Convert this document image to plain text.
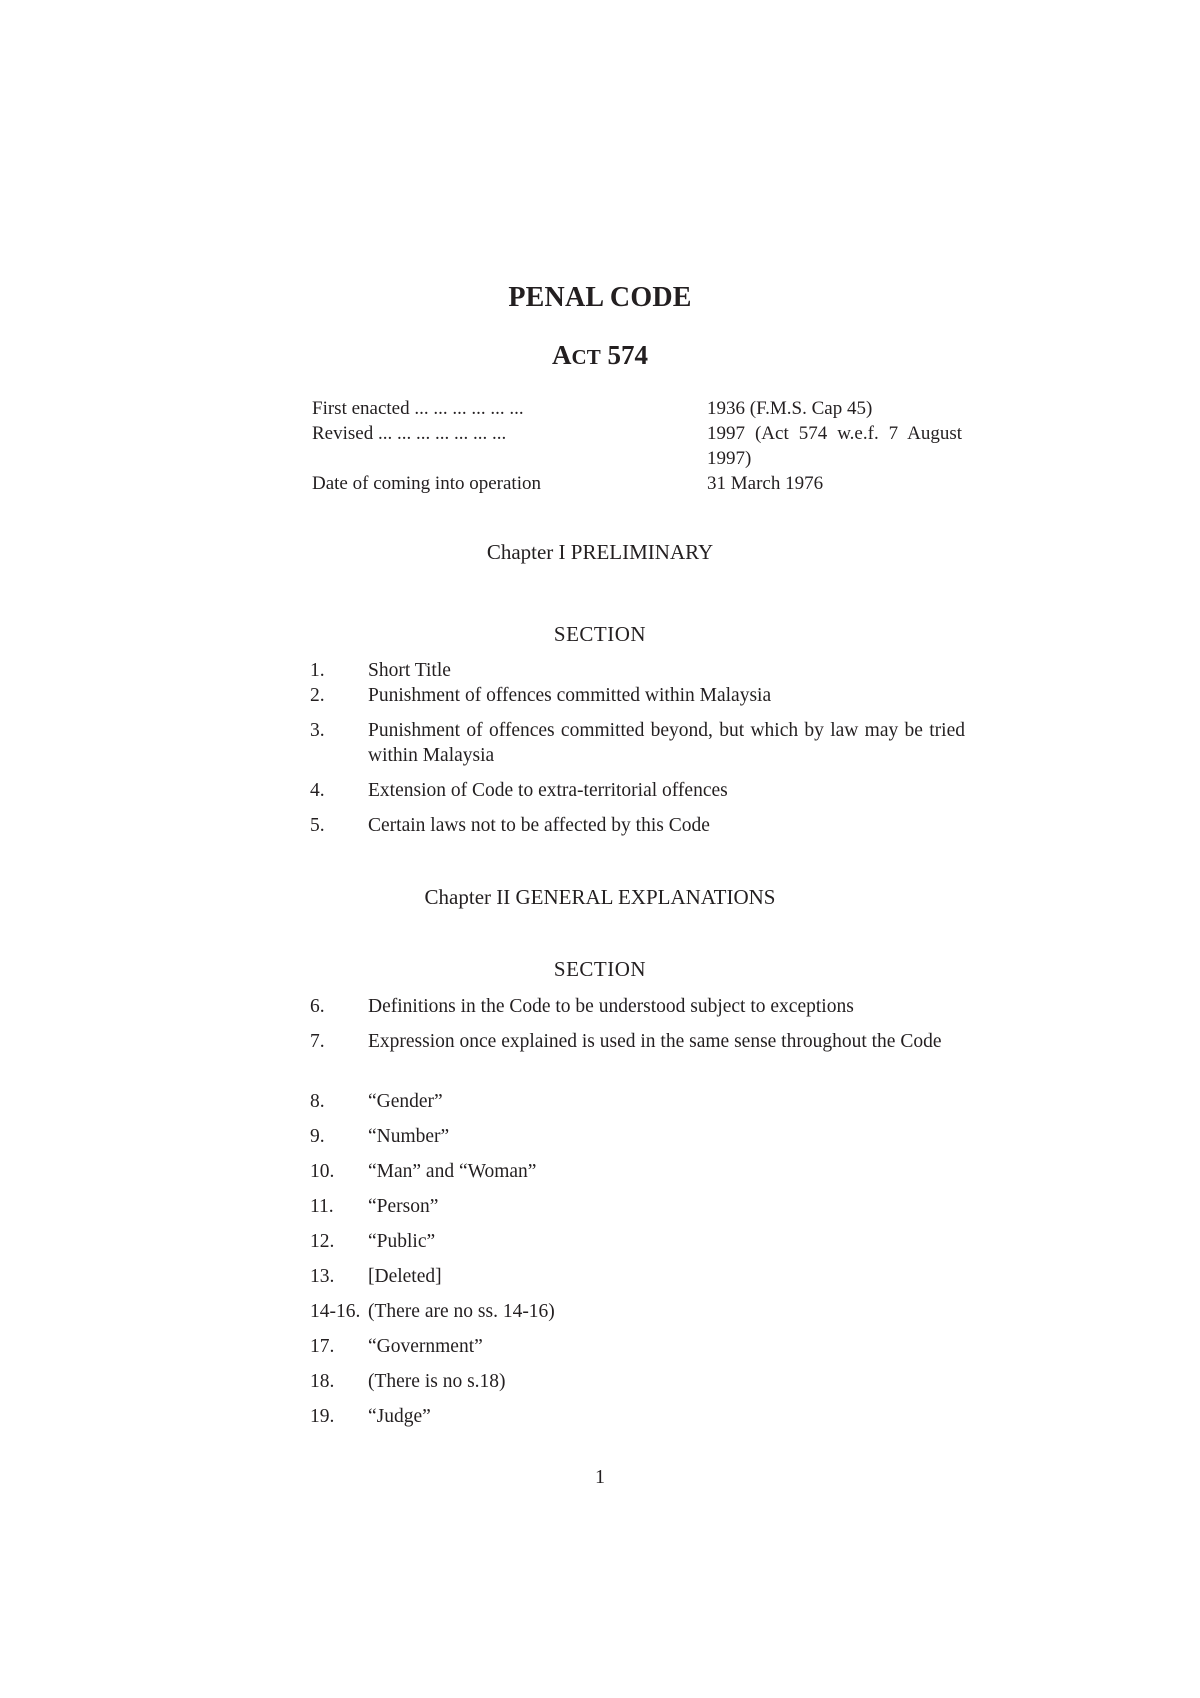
PENAL CODE
ACT 574
First enacted ... ... ... ... ... ...	1936 (F.M.S. Cap 45)
Revised ... ... ... ... ... ... ...	1997 (Act 574 w.e.f. 7 August 1997)
Date of coming into operation	31 March 1976
Chapter I PRELIMINARY
SECTION
1. Short Title
2. Punishment of offences committed within Malaysia
3. Punishment of offences committed beyond, but which by law may be tried within Malaysia
4. Extension of Code to extra-territorial offences
5. Certain laws not to be affected by this Code
Chapter II GENERAL EXPLANATIONS
SECTION
6. Definitions in the Code to be understood subject to exceptions
7. Expression once explained is used in the same sense throughout the Code
8. “Gender”
9. “Number”
10. “Man” and “Woman”
11. “Person”
12. “Public”
13. [Deleted]
14-16. (There are no ss. 14-16)
17. “Government”
18. (There is no s.18)
19. “Judge”
1
